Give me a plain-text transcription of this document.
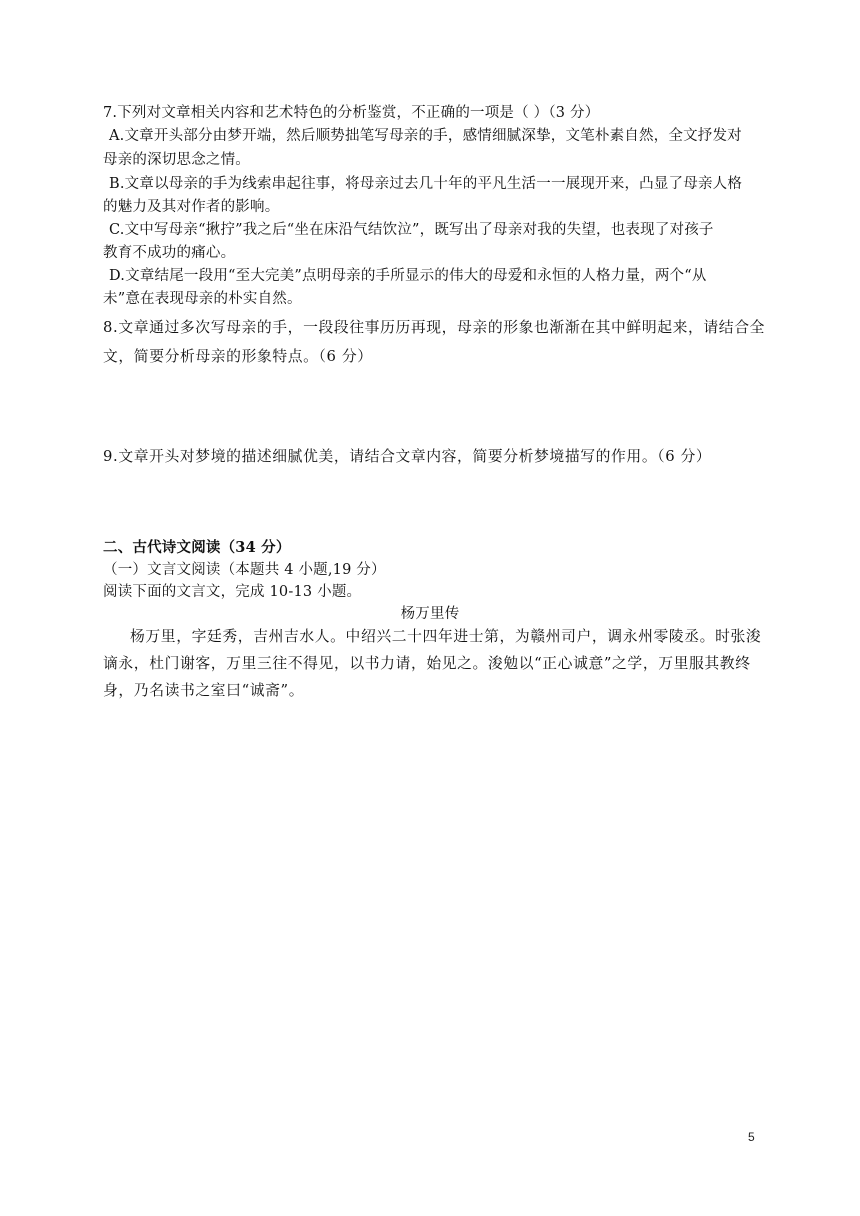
7.下列对文章相关内容和艺术特色的分析鉴赏，不正确的一项是（ ）（3 分）
A.文章开头部分由梦开端，然后顺势拙笔写母亲的手，感情细腻深挚，文笔朴素自然，全文抒发对
母亲的深切思念之情。
B.文章以母亲的手为线索串起往事，将母亲过去几十年的平凡生活一一展现开来，凸显了母亲人格
的魅力及其对作者的影响。
C.文中写母亲“揪拧”我之后“坐在床沿气结饮泣”，既写出了母亲对我的失望，也表现了对孩子
教育不成功的痛心。
D.文章结尾一段用“至大完美”点明母亲的手所显示的伟大的母爱和永恒的人格力量，两个“从
未”意在表现母亲的朴实自然。
8.文章通过多次写母亲的手，一段段往事历历再现，母亲的形象也渐渐在其中鲜明起来，请结合全
文，简要分析母亲的形象特点。（6 分）
9.文章开头对梦境的描述细腻优美，请结合文章内容，简要分析梦境描写的作用。（6 分）
二、古代诗文阅读（34 分）
（一）文言文阅读（本题共 4 小题,19 分）
阅读下面的文言文，完成 10-13 小题。
杨万里传
杨万里，字廷秀，吉州吉水人。中绍兴二十四年进士第，为赣州司户，调永州零陵丞。时张浚
谪永，杜门谢客，万里三往不得见，以书力请，始见之。浚勉以“正心诚意”之学，万里服其教终
身，乃名读书之室曰“诚斋”。
5
